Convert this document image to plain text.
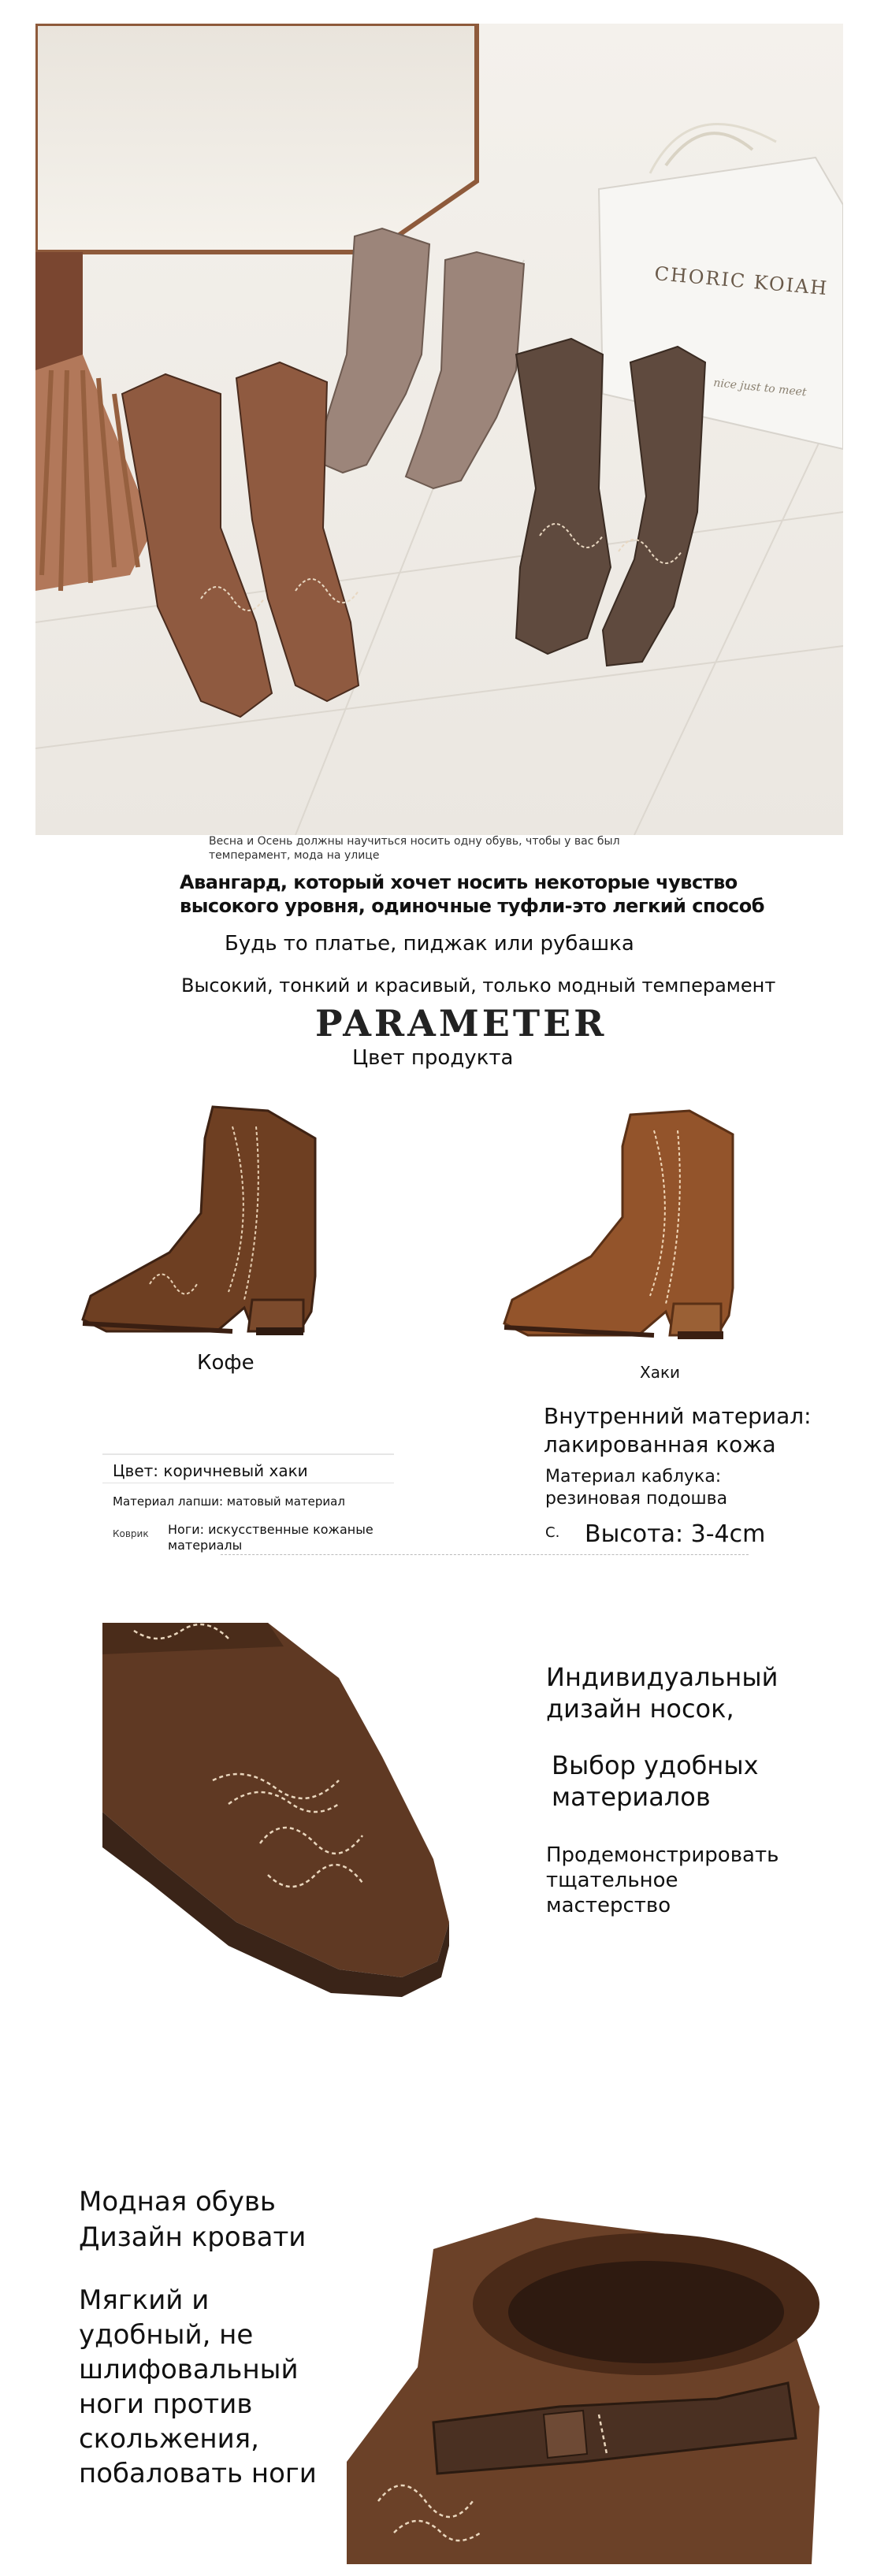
CHORIC KOIAH
nice just to meet
Весна и Осень должны научиться носить одну обувь, чтобы у вас был
темперамент, мода на улице
Авангард, который хочет носить некоторые чувство
высокого уровня, одиночные туфли-это легкий способ
Будь то платье, пиджак или рубашка
Высокий, тонкий и красивый, только модный темперамент
PARAMETER
Цвет продукта
Кофе	Хаки
Внутренний материал:
лакированная кожа
Цвет: коричневый хаки
Материал лапши: матовый материал
Коврик Ноги: искусственные кожаные
материалы
Материал каблука:
резиновая подошва
С. Высота: 3-4cm
Индивидуальный
дизайн носок,
Выбор удобных
материалов
Продемонстрировать
тщательное
мастерство
Модная обувь
Дизайн кровати
Мягкий и
удобный, не
шлифовальный
ноги против
скольжения,
побаловать ноги
